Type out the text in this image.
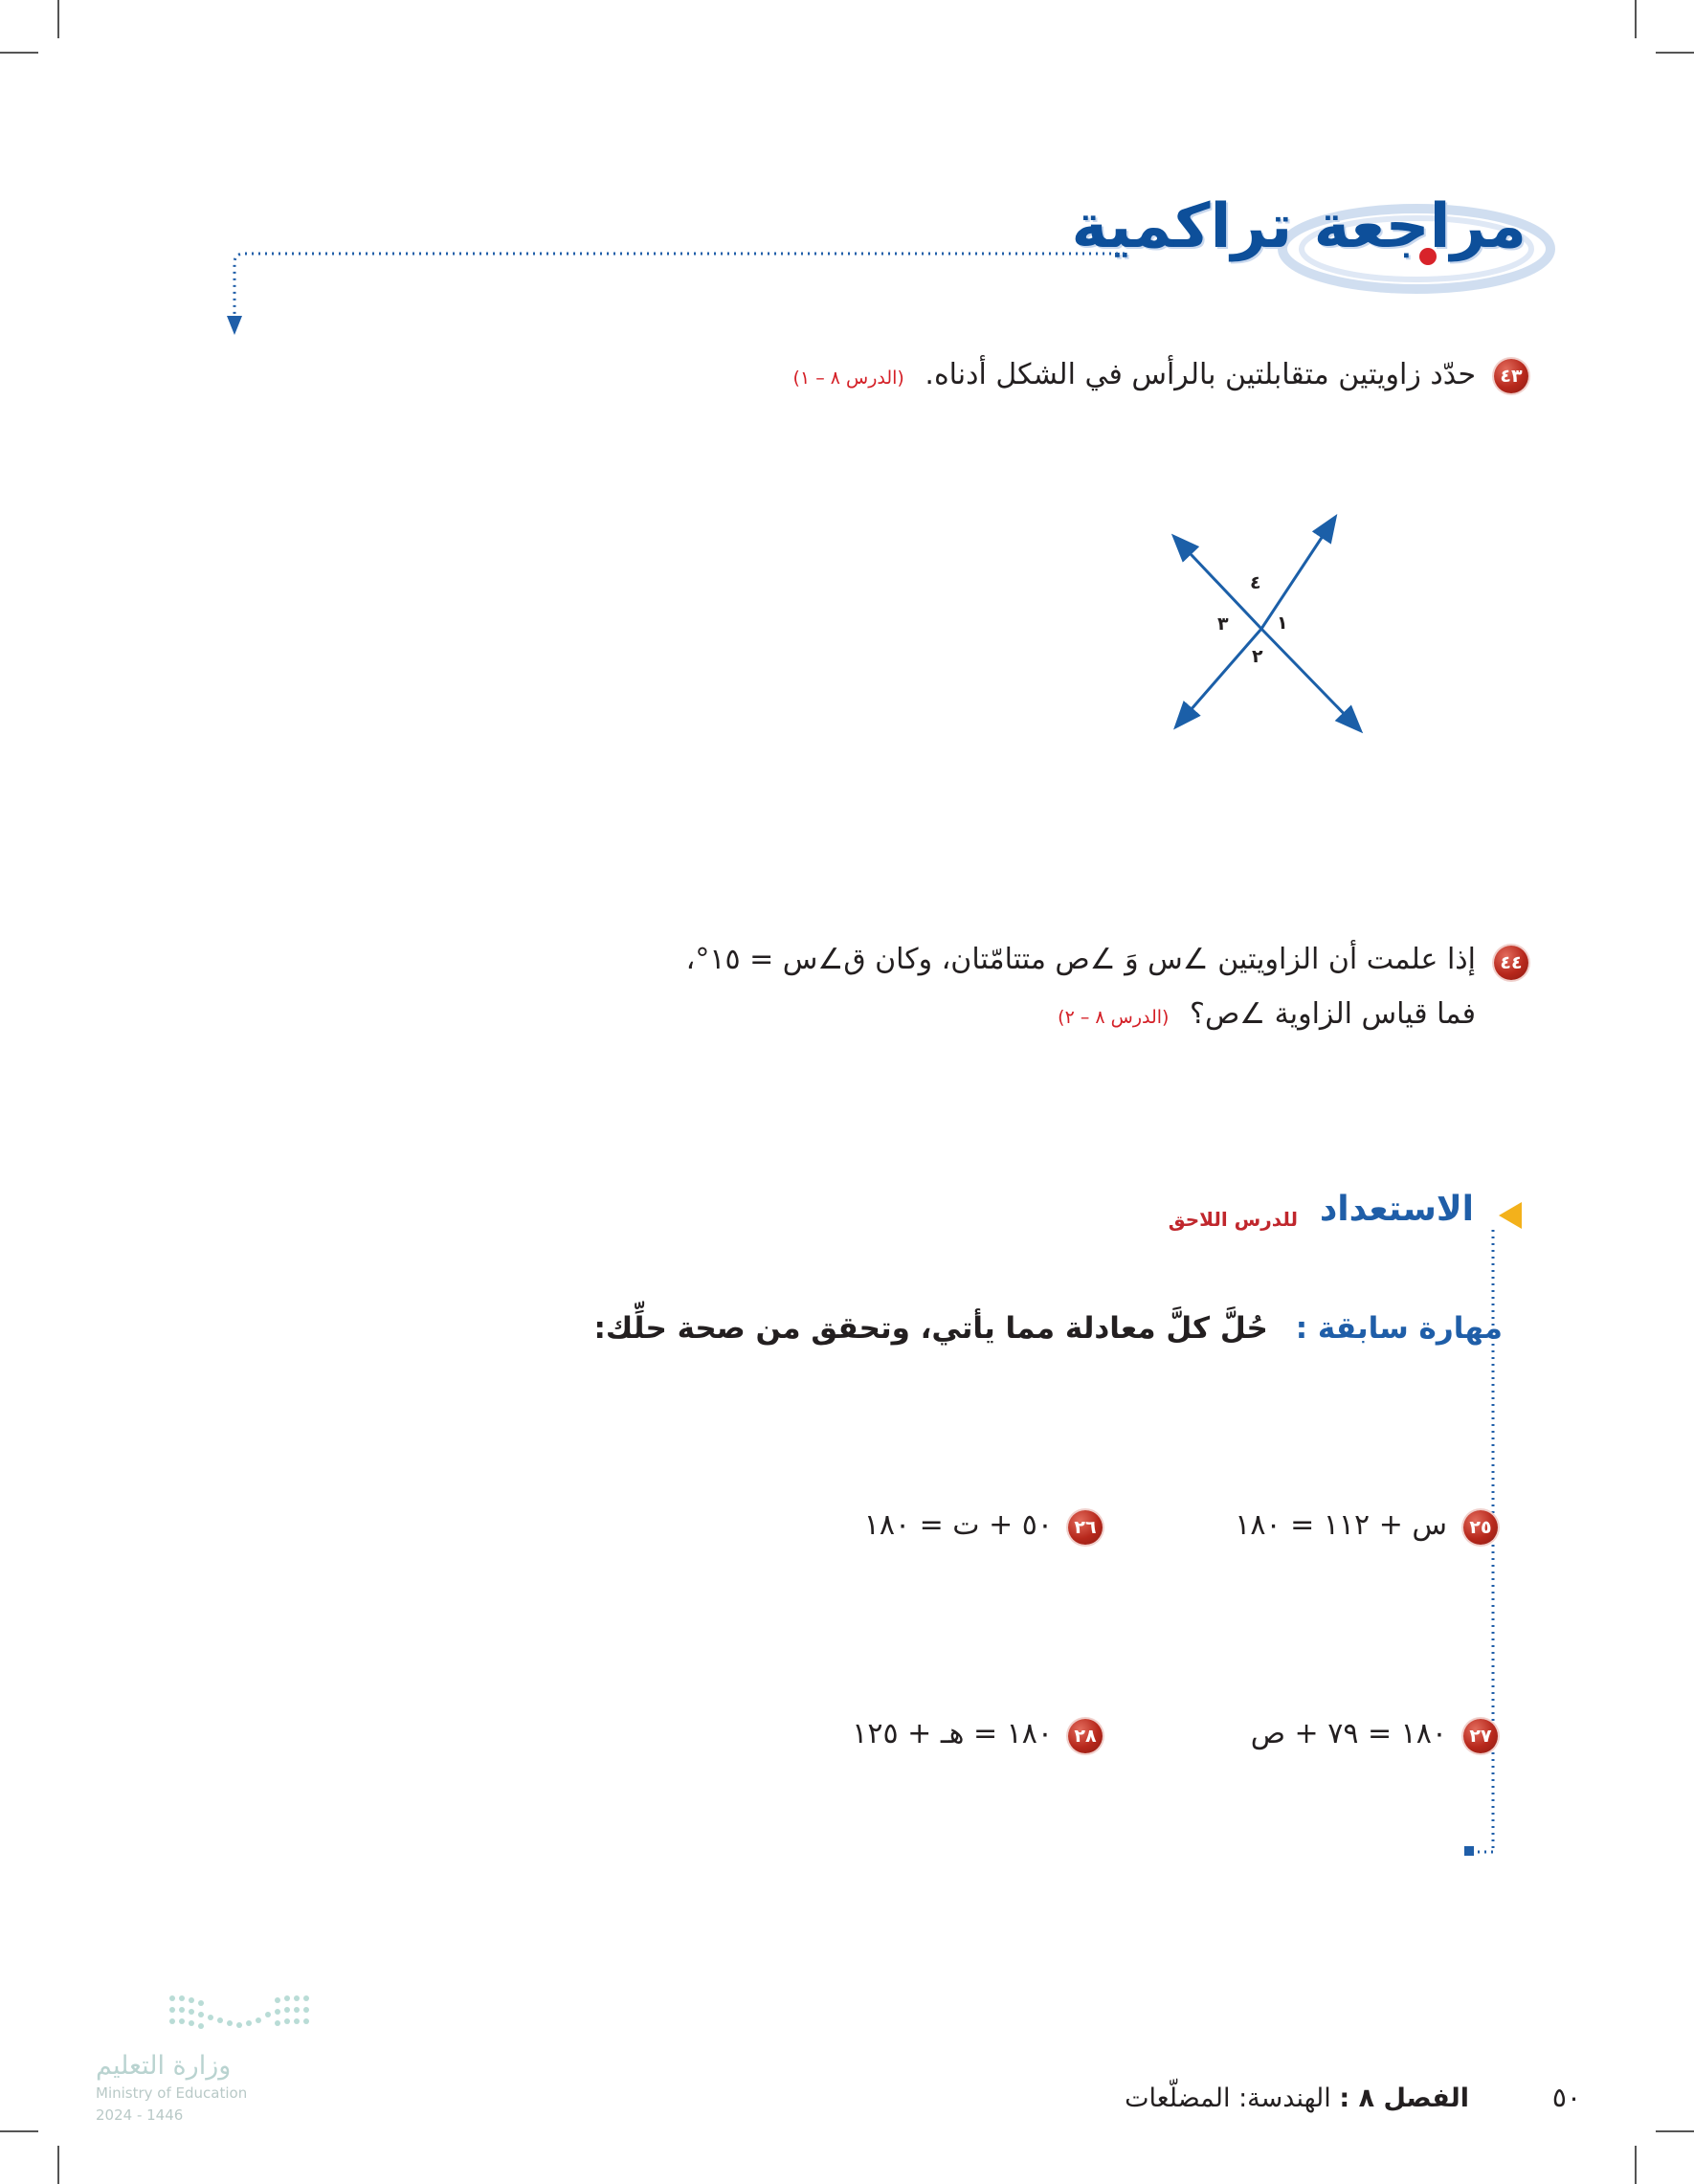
مراجعة تراكمية
٤٣
حدّد زاويتين متقابلتين بالرأس في الشكل أدناه. (الدرس ٨ – ١)
٤
١
٣
٢
٤٤
إذا علمت أن الزاويتين ∠س وَ ∠ص متتامّتان، وكان ق∠س = ١٥°،
فما قياس الزاوية ∠ص؟ (الدرس ٨ – ٢)
الاستعداد
للدرس اللاحق
مهارة سابقة : حُلَّ كلَّ معادلة مما يأتي، وتحقق من صحة حلِّك:
٢٥
س + ١١٢ = ١٨٠
٢٦
٥٠ + ت = ١٨٠
٢٧
١٨٠ = ٧٩ + ص
٢٨
١٨٠ = هـ + ١٢٥
وزارة التعليم
Ministry of Education
2024 - 1446
الفصل ٨ : الهندسة: المضلّعات	٥٠
